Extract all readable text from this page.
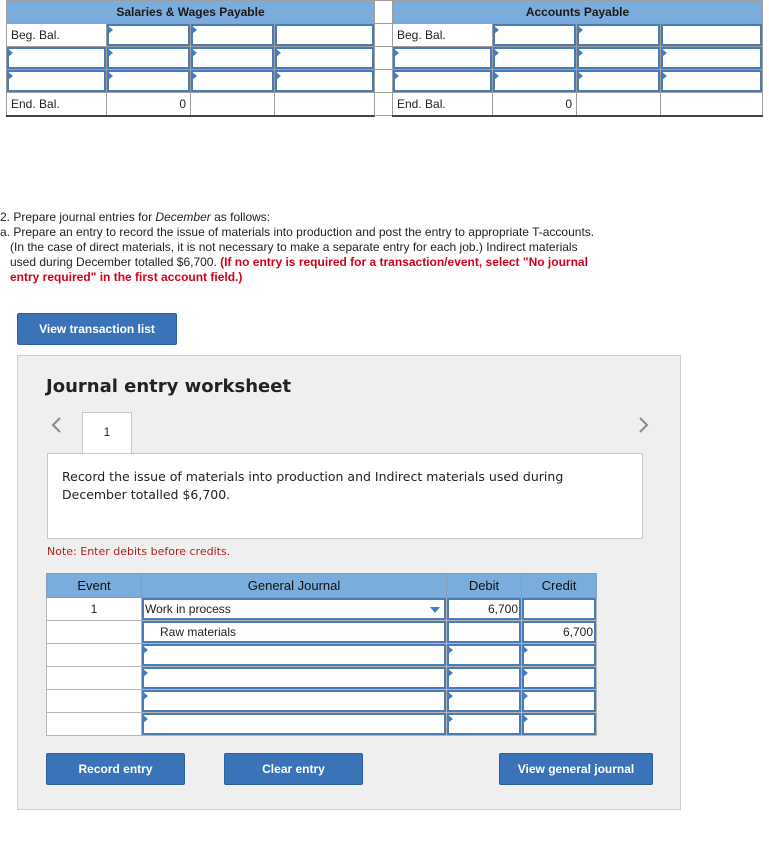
Salaries & Wages Payable			
Beg. Bal.	

End. Bal.	0		
	Accounts Payable			
	Beg. Bal.	

	End. Bal.	0		

2. Prepare journal entries for December as follows:

a. Prepare an entry to record the issue of materials into production and post the entry to appropriate T-accounts. (In the case of direct materials, it is not necessary to make a separate entry for each job.) Indirect materials used during December totalled $6,700. (If no entry is required for a transaction/event, select "No journal entry required" in the first account field.)

View transaction list
Journal entry worksheet
1
Record the issue of materials into production and Indirect materials used during December totalled $6,700.
Note: Enter debits before credits.
Event	General Journal	Debit	Credit
1	Work in process	6,700	
	Raw materials		6,700

Record entry	Clear entry	View general journal
